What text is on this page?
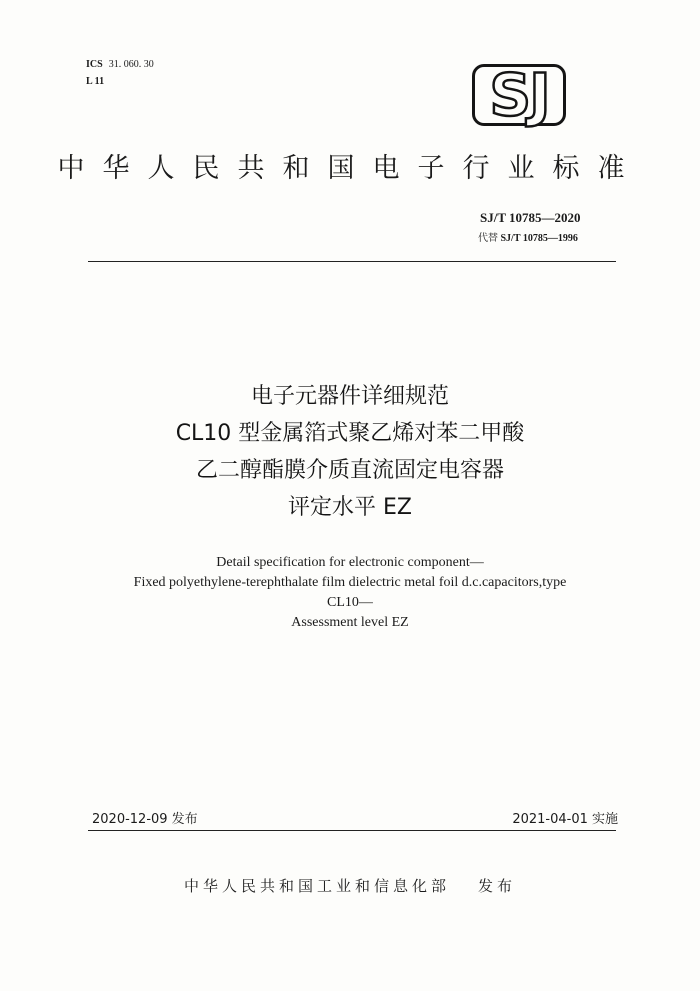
ICS 31. 060. 30
L 11	SJ
中华人民共和国电子行业标准
SJ/T 10785—2020
代替 SJ/T 10785—1996
电子元器件详细规范
CL10 型金属箔式聚乙烯对苯二甲酸
乙二醇酯膜介质直流固定电容器
评定水平 EZ
Detail specification for electronic component—
Fixed polyethylene-terephthalate film dielectric metal foil d.c.capacitors,type
CL10—
Assessment level EZ
2020-12-09 发布	2021-04-01 实施
中华人民共和国工业和信息化部 发布
